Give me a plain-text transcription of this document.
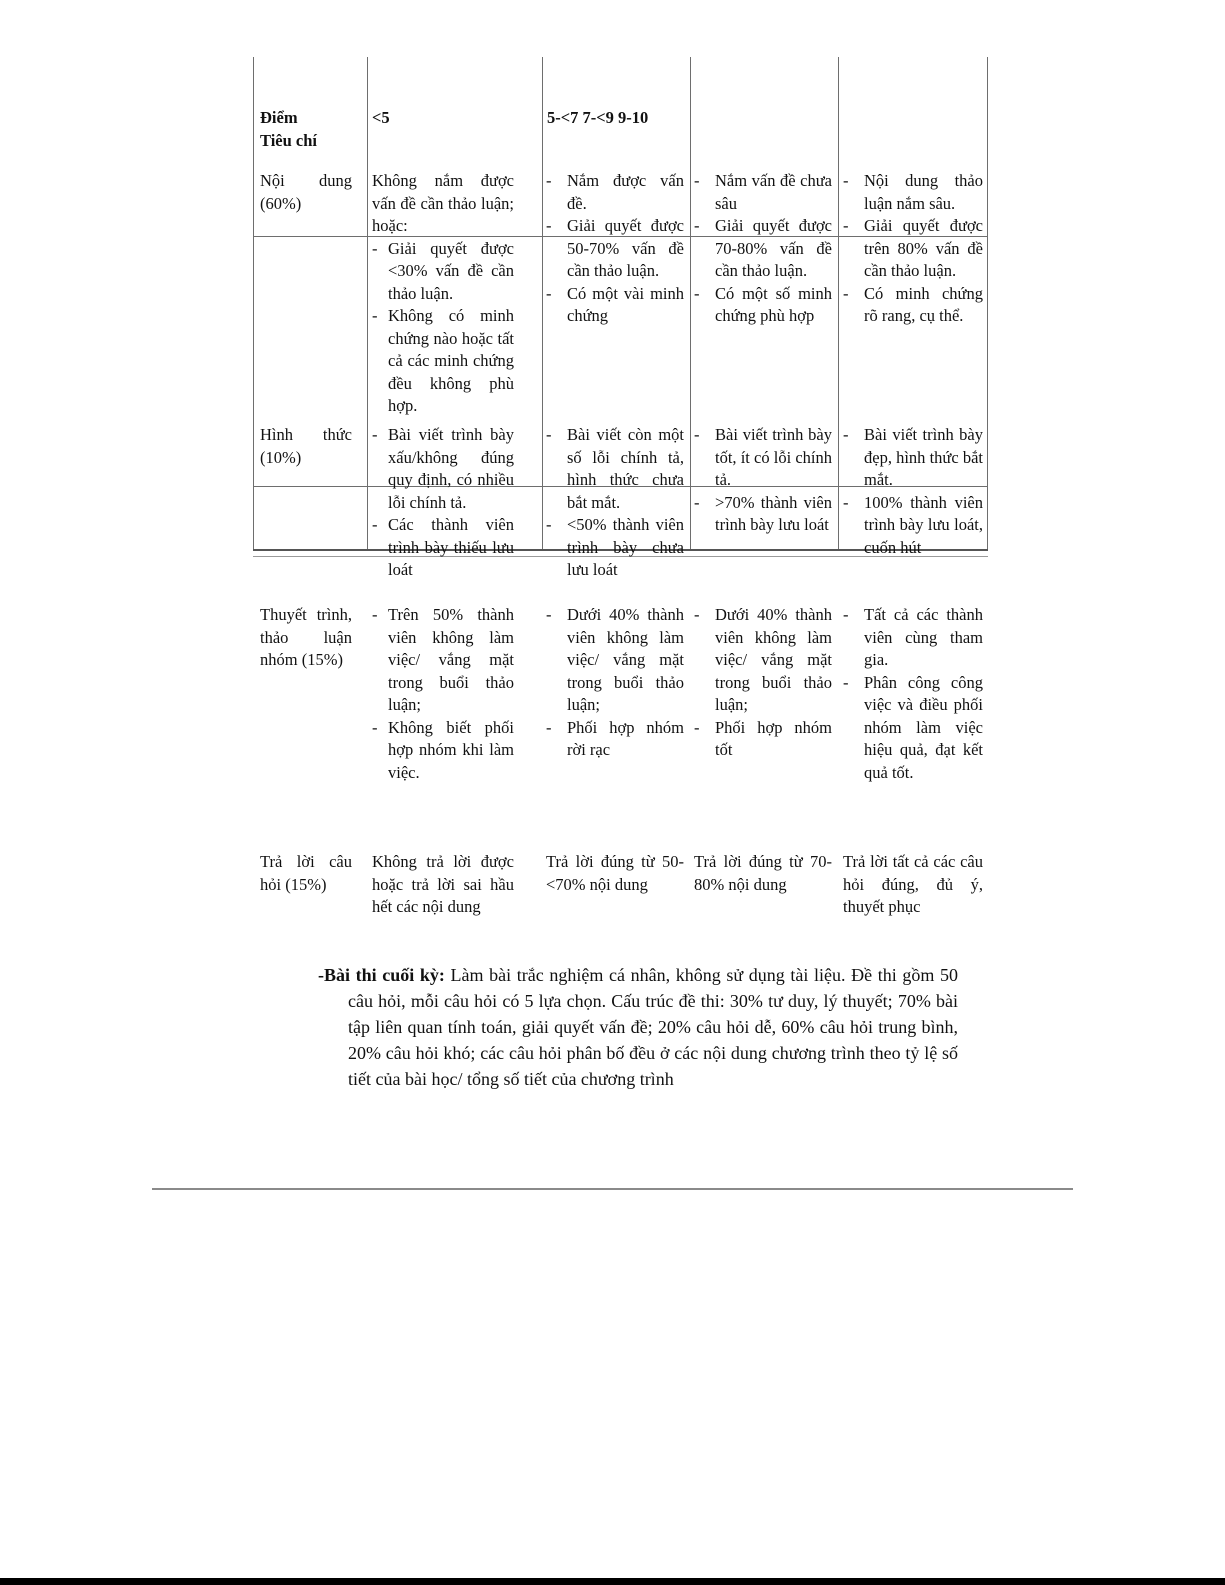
Điểm
Tiêu chí
<5	5-<7 7-<9 9-10
Nội dung (60%)
Không nắm được vấn đề cần thảo luận; hoặc:
- Giải quyết được <30% vấn đề cần thảo luận.
- Không có minh chứng nào hoặc tất cả các minh chứng đều không phù hợp.
- Nắm được vấn đề.
- Giải quyết được 50-70% vấn đề cần thảo luận.
- Có một vài minh chứng
- Nắm vấn đề chưa sâu
- Giải quyết được 70-80% vấn đề cần thảo luận.
- Có một số minh chứng phù hợp
- Nội dung thảo luận nắm sâu.
- Giải quyết được trên 80% vấn đề cần thảo luận.
- Có minh chứng rõ rang, cụ thể.
Hình thức (10%)
- Bài viết trình bày xấu/không đúng quy định, có nhiều lỗi chính tả.
- Các thành viên trình bày thiếu lưu loát
- Bài viết còn một số lỗi chính tả, hình thức chưa bắt mắt.
- <50% thành viên trình bày chưa lưu loát
- Bài viết trình bày tốt, ít có lỗi chính tả.
- >70% thành viên trình bày lưu loát
- Bài viết trình bày đẹp, hình thức bắt mắt.
- 100% thành viên trình bày lưu loát, cuốn hút
Thuyết trình, thảo luận nhóm (15%)
- Trên 50% thành viên không làm việc/ vắng mặt trong buổi thảo luận;
- Không biết phối hợp nhóm khi làm việc.
- Dưới 40% thành viên không làm việc/ vắng mặt trong buổi thảo luận;
- Phối hợp nhóm rời rạc
- Dưới 40% thành viên không làm việc/ vắng mặt trong buổi thảo luận;
- Phối hợp nhóm tốt
- Tất cả các thành viên cùng tham gia.
- Phân công công việc và điều phối nhóm làm việc hiệu quả, đạt kết quả tốt.
Trả lời câu hỏi (15%)
Không trả lời được hoặc trả lời sai hầu hết các nội dung
Trả lời đúng từ 50-<70% nội dung
Trả lời đúng từ 70-80% nội dung
Trả lời tất cả các câu hỏi đúng, đủ ý, thuyết phục
-Bài thi cuối kỳ: Làm bài trắc nghiệm cá nhân, không sử dụng tài liệu. Đề thi gồm 50 câu hỏi, mỗi câu hỏi có 5 lựa chọn. Cấu trúc đề thi: 30% tư duy, lý thuyết; 70% bài tập liên quan tính toán, giải quyết vấn đề; 20% câu hỏi dễ, 60% câu hỏi trung bình, 20% câu hỏi khó; các câu hỏi phân bố đều ở các nội dung chương trình theo tỷ lệ số tiết của bài học/ tổng số tiết của chương trình
